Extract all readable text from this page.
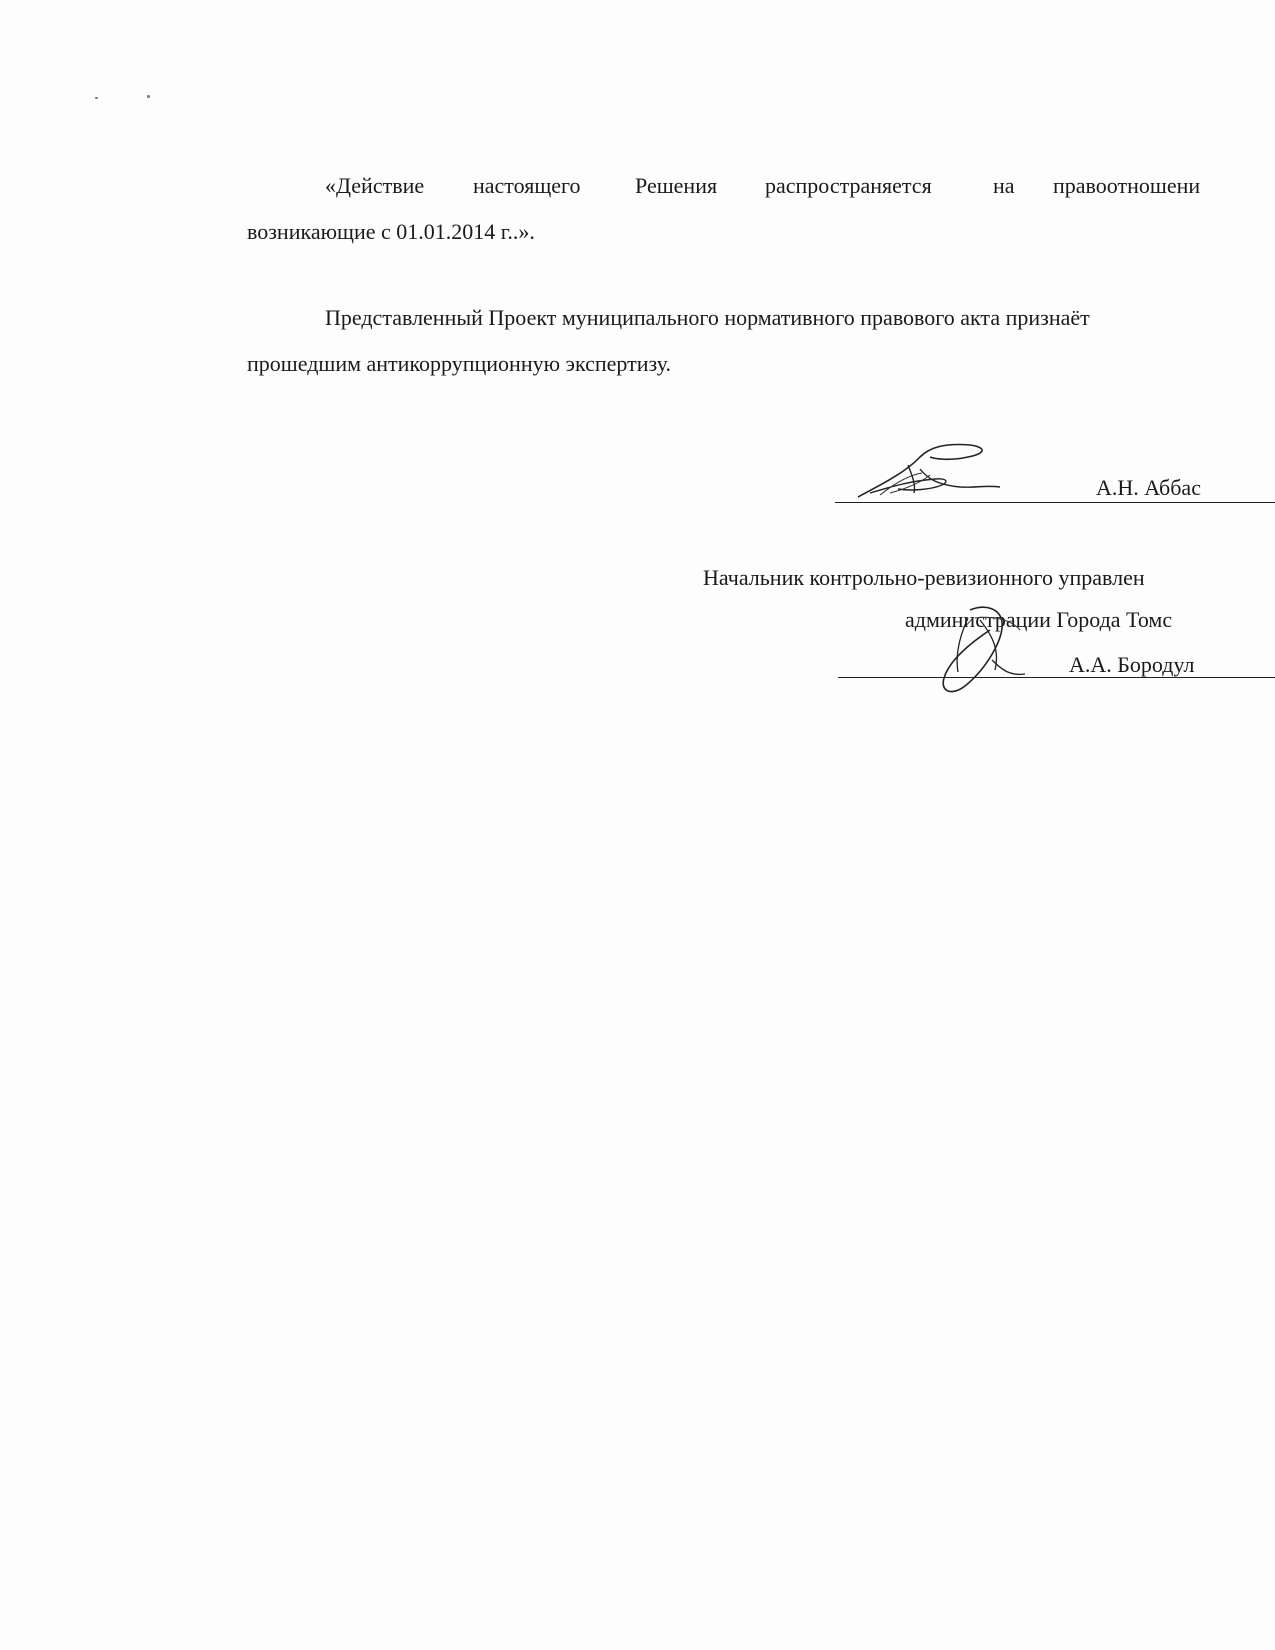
«Действие настоящего Решения распространяется	на правоотношени
возникающие с 01.01.2014 г..».
Представленный Проект муниципального нормативного правового акта признаёт
прошедшим антикоррупционную экспертизу.
А.Н. Аббас
Начальник контрольно-ревизионного управлен
администрации Города Томс
А.А. Бородул
